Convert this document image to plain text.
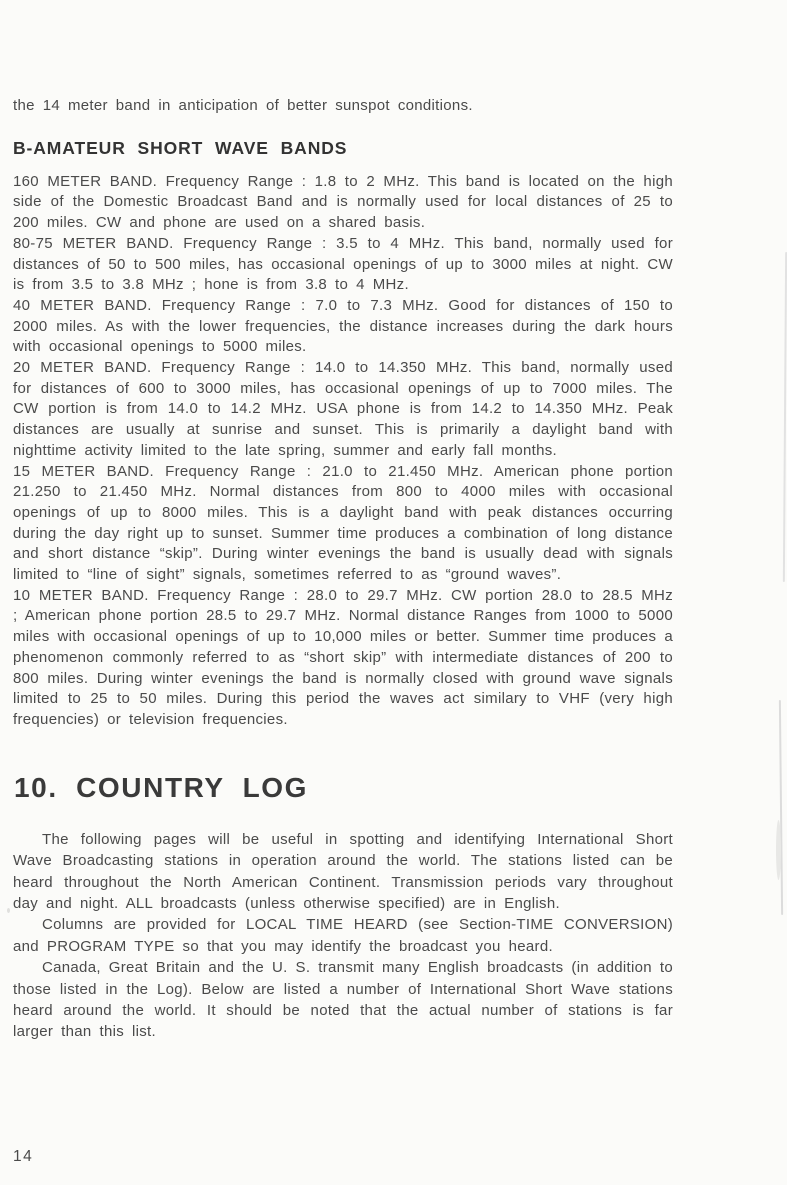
the 14 meter band in anticipation of better sunspot conditions.

B-AMATEUR SHORT WAVE BANDS

160 METER BAND. Frequency Range : 1.8 to 2 MHz. This band is located on the high side of the Domestic Broadcast Band and is normally used for local distances of 25 to 200 miles. CW and phone are used on a shared basis.

80-75 METER BAND. Frequency Range : 3.5 to 4 MHz. This band, normally used for distances of 50 to 500 miles, has occasional openings of up to 3000 miles at night. CW is from 3.5 to 3.8 MHz ; hone is from 3.8 to 4 MHz.

40 METER BAND. Frequency Range : 7.0 to 7.3 MHz. Good for distances of 150 to 2000 miles. As with the lower frequencies, the distance increases during the dark hours with occasional openings to 5000 miles.

20 METER BAND. Frequency Range : 14.0 to 14.350 MHz. This band, normally used for distances of 600 to 3000 miles, has occasional openings of up to 7000 miles. The CW portion is from 14.0 to 14.2 MHz. USA phone is from 14.2 to 14.350 MHz. Peak distances are usually at sunrise and sunset. This is primarily a daylight band with nighttime activity limited to the late spring, summer and early fall months.

15 METER BAND. Frequency Range : 21.0 to 21.450 MHz. American phone portion 21.250 to 21.450 MHz. Normal distances from 800 to 4000 miles with occasional openings of up to 8000 miles. This is a daylight band with peak distances occurring during the day right up to sunset. Summer time produces a combination of long distance and short distance “skip”. During winter evenings the band is usually dead with signals limited to “line of sight” signals, sometimes referred to as “ground waves”.

10 METER BAND. Frequency Range : 28.0 to 29.7 MHz. CW portion 28.0 to 28.5 MHz ; American phone portion 28.5 to 29.7 MHz. Normal distance Ranges from 1000 to 5000 miles with occasional openings of up to 10,000 miles or better. Summer time produces a phenomenon commonly referred to as “short skip” with intermediate distances of 200 to 800 miles. During winter evenings the band is normally closed with ground wave signals limited to 25 to 50 miles. During this period the waves act similary to VHF (very high frequencies) or television frequencies.

10. COUNTRY LOG

The following pages will be useful in spotting and identifying International Short Wave Broadcasting stations in operation around the world. The stations listed can be heard throughout the North American Continent. Transmission periods vary throughout day and night. ALL broadcasts (unless otherwise specified) are in English.

Columns are provided for LOCAL TIME HEARD (see Section-TIME CONVERSION) and PROGRAM TYPE so that you may identify the broadcast you heard.

Canada, Great Britain and the U. S. transmit many English broadcasts (in addition to those listed in the Log). Below are listed a number of International Short Wave stations heard around the world. It should be noted that the actual number of stations is far larger than this list.

14
